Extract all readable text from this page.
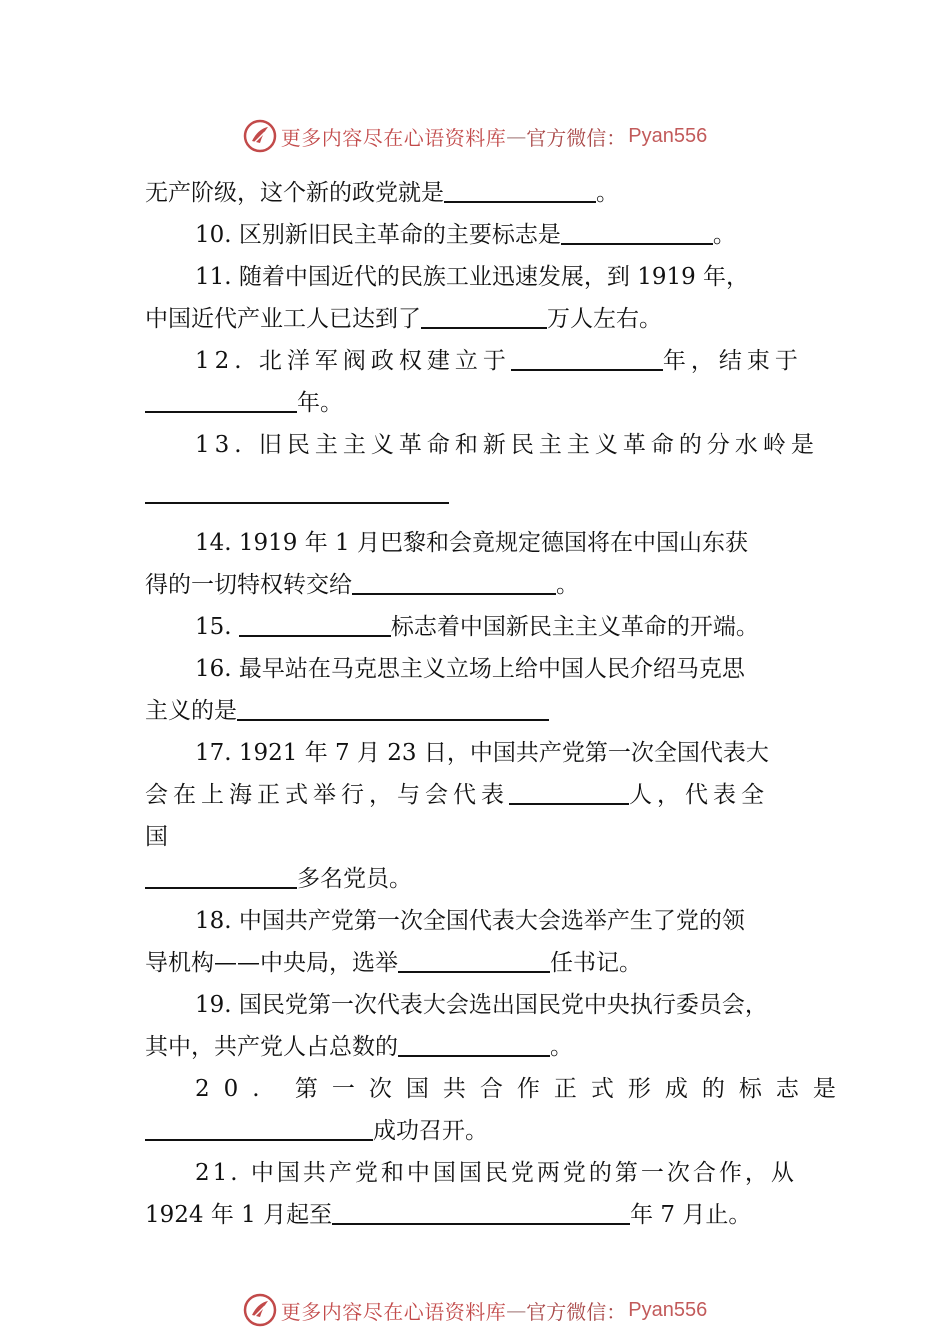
更多内容尽在心语资料库 — 官方微信： Pyan556

无产阶级，这个新的政党就是	。

10. 区别新旧民主革命的主要标志是	。

11. 随着中国近代的民族工业迅速发展，到 1919 年，

中国近代产业工人已达到了	万人左右。

12. 北洋军阀政权建立于	年，结束于

年。

13. 旧民主主义革命和新民主主义革命的分水岭是

14. 1919 年 1 月巴黎和会竟规定德国将在中国山东获

得的一切特权转交给	。

15.	标志着中国新民主主义革命的开端。

16. 最早站在马克思主义立场上给中国人民介绍马克思

主义的是

17. 1921 年 7 月 23 日，中国共产党第一次全国代表大

会在上海正式举行，与会代表	人，代表全

国

多名党员。

18. 中国共产党第一次全国代表大会选举产生了党的领

导机构——中央局，选举	任书记。

19. 国民党第一次代表大会选出国民党中央执行委员会，

其中，共产党人占总数的	。

20. 第一次国共合作正式形成的标志是

成功召开。

21. 中国共产党和中国国民党两党的第一次合作，从

1924 年 1 月起至	年 7 月止。

更多内容尽在心语资料库 — 官方微信： Pyan556
